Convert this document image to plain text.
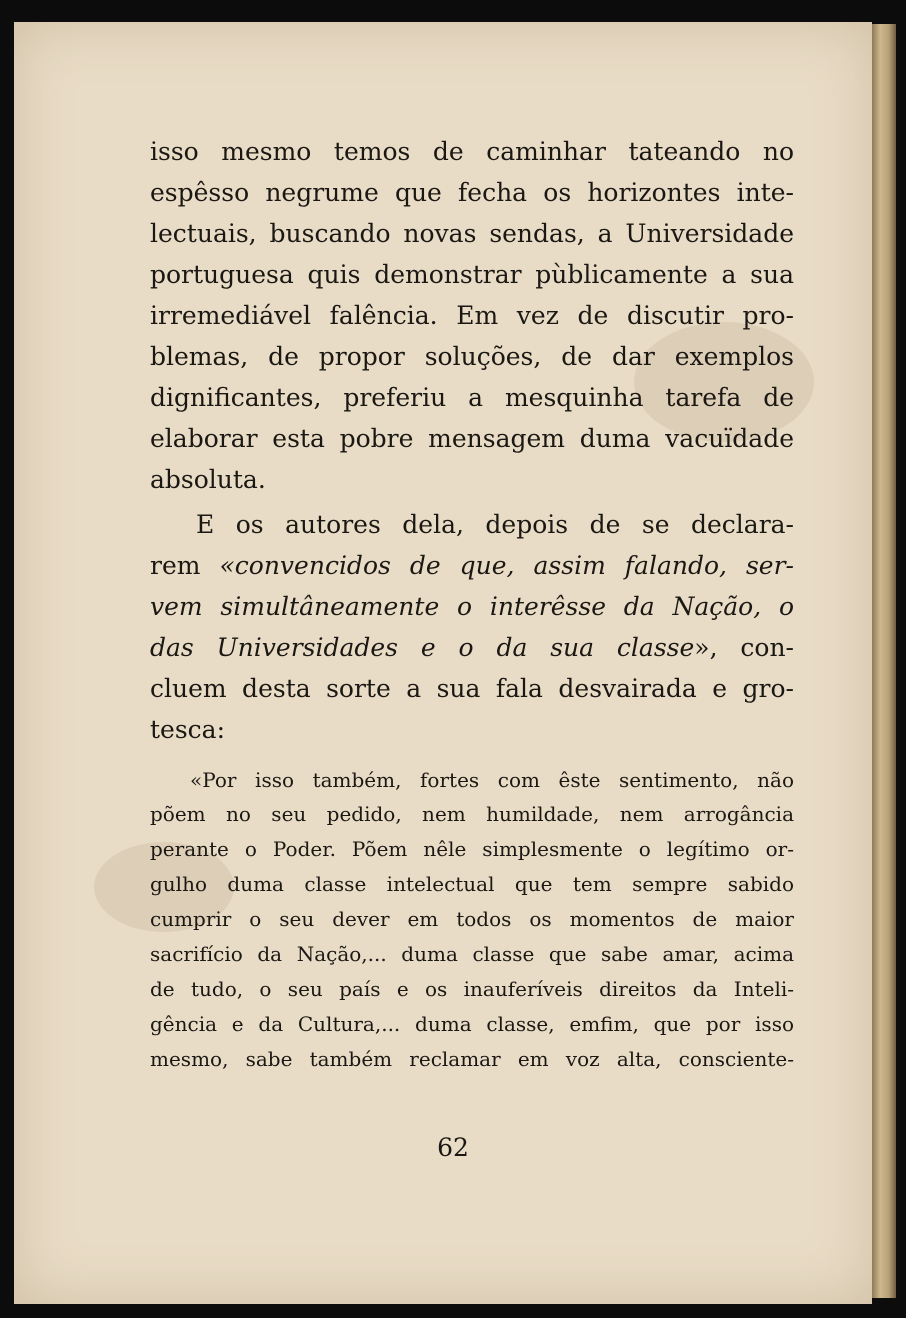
isso mesmo temos de caminhar tateando no
espêsso negrume que fecha os horizontes inte-
lectuais, buscando novas sendas, a Universidade
portuguesa quis demonstrar pùblicamente a sua
irremediável falência. Em vez de discutir pro-
blemas, de propor soluções, de dar exemplos
dignificantes, preferiu a mesquinha tarefa de
elaborar esta pobre mensagem duma vacuïdade
absoluta.
E os autores dela, depois de se declara-
rem «convencidos de que, assim falando, ser-
vem simultâneamente o interêsse da Nação, o
das Universidades e o da sua classe», con-
cluem desta sorte a sua fala desvairada e gro-
tesca:
«Por isso também, fortes com êste sentimento, não
põem no seu pedido, nem humildade, nem arrogância
perante o Poder. Põem nêle simplesmente o legítimo or-
gulho duma classe intelectual que tem sempre sabido
cumprir o seu dever em todos os momentos de maior
sacrifício da Nação,... duma classe que sabe amar, acima
de tudo, o seu país e os inauferíveis direitos da Inteli-
gência e da Cultura,... duma classe, emfim, que por isso
mesmo, sabe também reclamar em voz alta, consciente-
62
